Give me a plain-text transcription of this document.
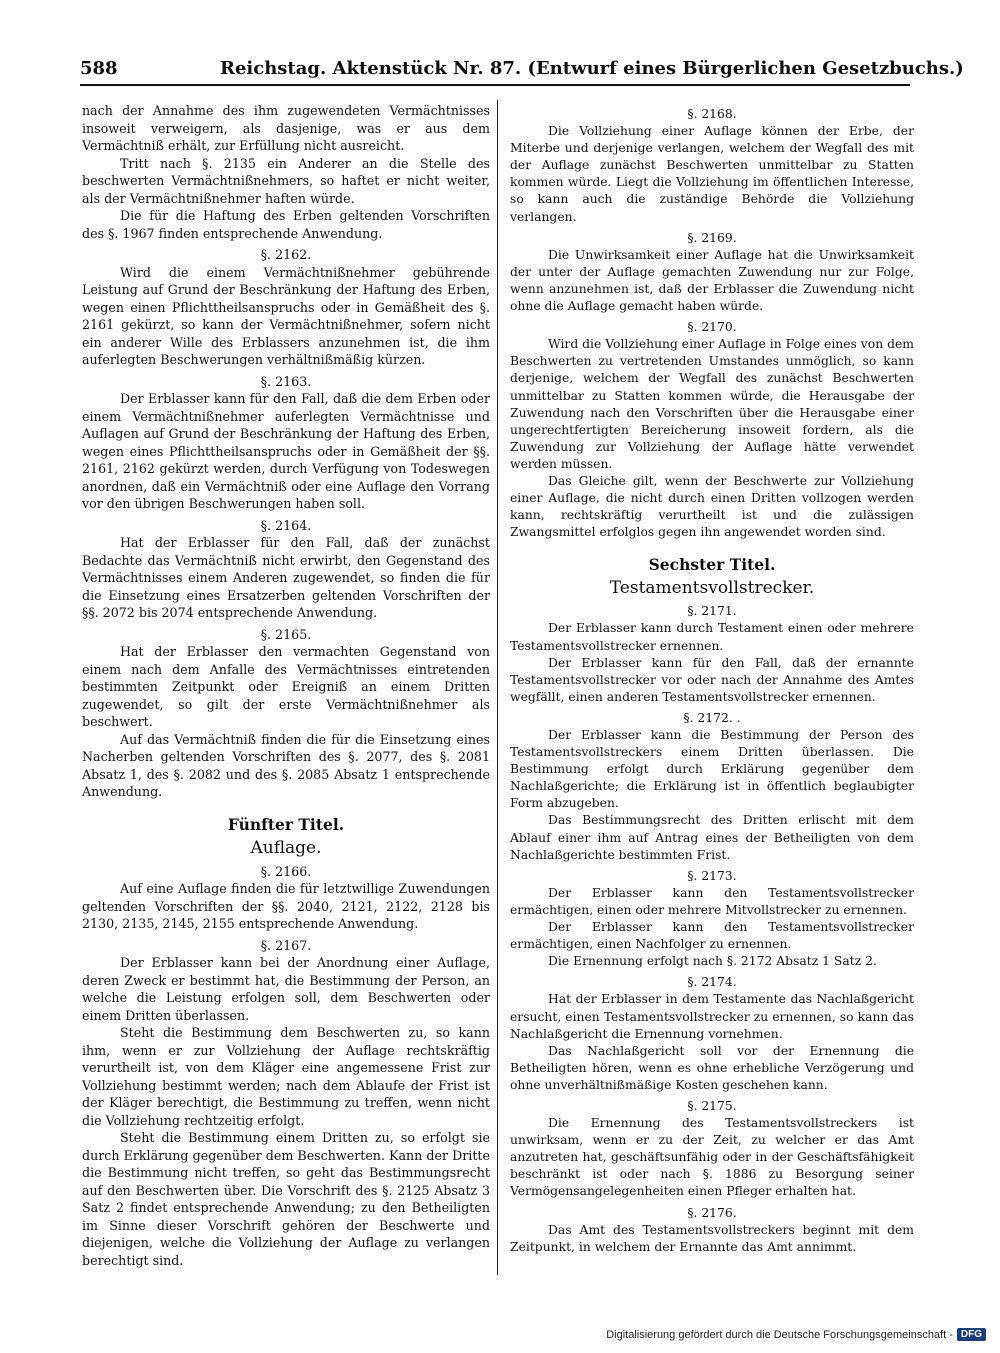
588	Reichstag. Aktenstück Nr. 87. (Entwurf eines Bürgerlichen Gesetzbuchs.)

nach der Annahme des ihm zugewendeten Vermächtnisses insoweit verweigern, als dasjenige, was er aus dem Vermächtniß erhält, zur Erfüllung nicht ausreicht.

Tritt nach §. 2135 ein Anderer an die Stelle des beschwerten Vermächtnißnehmers, so haftet er nicht weiter, als der Vermächtnißnehmer haften würde.

Die für die Haftung des Erben geltenden Vorschriften des §. 1967 finden entsprechende Anwendung.

§. 2162.

Wird die einem Vermächtnißnehmer gebührende Leistung auf Grund der Beschränkung der Haftung des Erben, wegen einen Pflichttheilsanspruchs oder in Gemäßheit des §. 2161 gekürzt, so kann der Vermächtnißnehmer, sofern nicht ein anderer Wille des Erblassers anzunehmen ist, die ihm auferlegten Beschwerungen verhältnißmäßig kürzen.

§. 2163.

Der Erblasser kann für den Fall, daß die dem Erben oder einem Vermächtnißnehmer auferlegten Vermächtnisse und Auflagen auf Grund der Beschränkung der Haftung des Erben, wegen eines Pflichttheilsanspruchs oder in Gemäßheit der §§. 2161, 2162 gekürzt werden, durch Verfügung von Todeswegen anordnen, daß ein Vermächtniß oder eine Auflage den Vorrang vor den übrigen Beschwerungen haben soll.

§. 2164.

Hat der Erblasser für den Fall, daß der zunächst Bedachte das Vermächtniß nicht erwirbt, den Gegenstand des Vermächtnisses einem Anderen zugewendet, so finden die für die Einsetzung eines Ersatzerben geltenden Vorschriften der §§. 2072 bis 2074 entsprechende Anwendung.

§. 2165.

Hat der Erblasser den vermachten Gegenstand von einem nach dem Anfalle des Vermächtnisses eintretenden bestimmten Zeitpunkt oder Ereigniß an einem Dritten zugewendet, so gilt der erste Vermächtnißnehmer als beschwert.

Auf das Vermächtniß finden die für die Einsetzung eines Nacherben geltenden Vorschriften des §. 2077, des §. 2081 Absatz 1, des §. 2082 und des §. 2085 Absatz 1 entsprechende Anwendung.

Fünfter Titel.
Auflage.
§. 2166.

Auf eine Auflage finden die für letztwillige Zuwendungen geltenden Vorschriften der §§. 2040, 2121, 2122, 2128 bis 2130, 2135, 2145, 2155 entsprechende Anwendung.

§. 2167.

Der Erblasser kann bei der Anordnung einer Auflage, deren Zweck er bestimmt hat, die Bestimmung der Person, an welche die Leistung erfolgen soll, dem Beschwerten oder einem Dritten überlassen.

Steht die Bestimmung dem Beschwerten zu, so kann ihm, wenn er zur Vollziehung der Auflage rechtskräftig verurtheilt ist, von dem Kläger eine angemessene Frist zur Vollziehung bestimmt werden; nach dem Ablaufe der Frist ist der Kläger berechtigt, die Bestimmung zu treffen, wenn nicht die Vollziehung rechtzeitig erfolgt.

Steht die Bestimmung einem Dritten zu, so erfolgt sie durch Erklärung gegenüber dem Beschwerten. Kann der Dritte die Bestimmung nicht treffen, so geht das Bestimmungsrecht auf den Beschwerten über. Die Vorschrift des §. 2125 Absatz 3 Satz 2 findet entsprechende Anwendung; zu den Betheiligten im Sinne dieser Vorschrift gehören der Beschwerte und diejenigen, welche die Vollziehung der Auflage zu verlangen berechtigt sind.

§. 2168.

Die Vollziehung einer Auflage können der Erbe, der Miterbe und derjenige verlangen, welchem der Wegfall des mit der Auflage zunächst Beschwerten unmittelbar zu Statten kommen würde. Liegt die Vollziehung im öffentlichen Interesse, so kann auch die zuständige Behörde die Vollziehung verlangen.

§. 2169.

Die Unwirksamkeit einer Auflage hat die Unwirksamkeit der unter der Auflage gemachten Zuwendung nur zur Folge, wenn anzunehmen ist, daß der Erblasser die Zuwendung nicht ohne die Auflage gemacht haben würde.

§. 2170.

Wird die Vollziehung einer Auflage in Folge eines von dem Beschwerten zu vertretenden Umstandes unmöglich, so kann derjenige, welchem der Wegfall des zunächst Beschwerten unmittelbar zu Statten kommen würde, die Herausgabe der Zuwendung nach den Vorschriften über die Herausgabe einer ungerechtfertigten Bereicherung insoweit fordern, als die Zuwendung zur Vollziehung der Auflage hätte verwendet werden müssen.

Das Gleiche gilt, wenn der Beschwerte zur Vollziehung einer Auflage, die nicht durch einen Dritten vollzogen werden kann, rechtskräftig verurtheilt ist und die zulässigen Zwangsmittel erfolglos gegen ihn angewendet worden sind.

Sechster Titel.
Testamentsvollstrecker.
§. 2171.

Der Erblasser kann durch Testament einen oder mehrere Testamentsvollstrecker ernennen.

Der Erblasser kann für den Fall, daß der ernannte Testamentsvollstrecker vor oder nach der Annahme des Amtes wegfällt, einen anderen Testamentsvollstrecker ernennen.

§. 2172. .

Der Erblasser kann die Bestimmung der Person des Testamentsvollstreckers einem Dritten überlassen. Die Bestimmung erfolgt durch Erklärung gegenüber dem Nachlaßgerichte; die Erklärung ist in öffentlich beglaubigter Form abzugeben.

Das Bestimmungsrecht des Dritten erlischt mit dem Ablauf einer ihm auf Antrag eines der Betheiligten von dem Nachlaßgerichte bestimmten Frist.

§. 2173.

Der Erblasser kann den Testamentsvollstrecker ermächtigen, einen oder mehrere Mitvollstrecker zu ernennen.

Der Erblasser kann den Testamentsvollstrecker ermächtigen, einen Nachfolger zu ernennen.

Die Ernennung erfolgt nach §. 2172 Absatz 1 Satz 2.

§. 2174.

Hat der Erblasser in dem Testamente das Nachlaßgericht ersucht, einen Testamentsvollstrecker zu ernennen, so kann das Nachlaßgericht die Ernennung vornehmen.

Das Nachlaßgericht soll vor der Ernennung die Betheiligten hören, wenn es ohne erhebliche Verzögerung und ohne unverhältnißmäßige Kosten geschehen kann.

§. 2175.

Die Ernennung des Testamentsvollstreckers ist unwirksam, wenn er zu der Zeit, zu welcher er das Amt anzutreten hat, geschäftsunfähig oder in der Geschäftsfähigkeit beschränkt ist oder nach §. 1886 zu Besorgung seiner Vermögensangelegenheiten einen Pfleger erhalten hat.

§. 2176.

Das Amt des Testamentsvollstreckers beginnt mit dem Zeitpunkt, in welchem der Ernannte das Amt annimmt.

Digitalisierung gefördert durch die Deutsche Forschungsgemeinschaft - DFG
